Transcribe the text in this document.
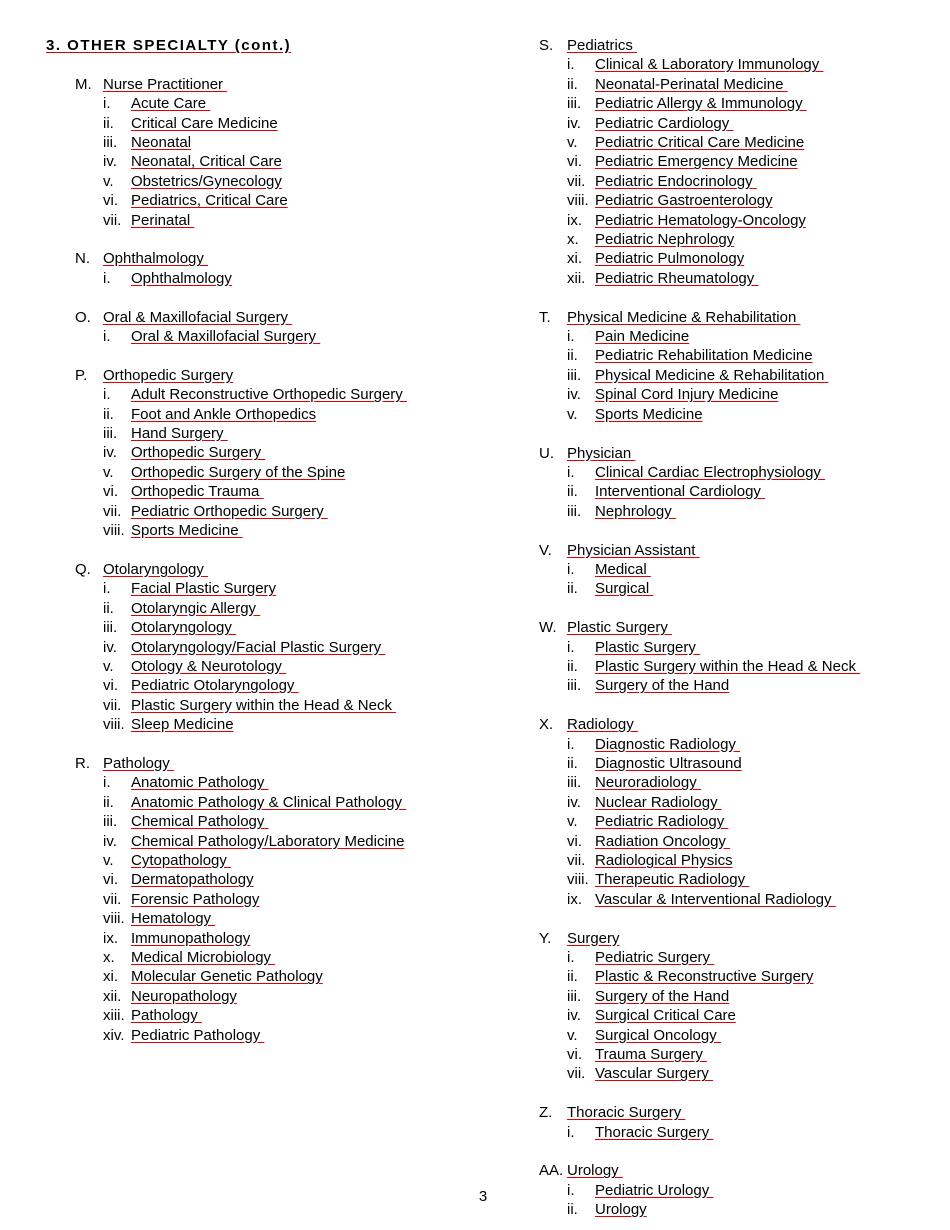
3. OTHER SPECIALTY (cont.)
M. Nurse Practitioner
i.	Acute Care
ii.	Critical Care Medicine
iii. Neonatal
iv. Neonatal, Critical Care
v.	Obstetrics/Gynecology
vi. Pediatrics, Critical Care
vii. Perinatal
N. Ophthalmology
i.	Ophthalmology
O. Oral & Maxillofacial Surgery
i.	Oral & Maxillofacial Surgery
P.	Orthopedic Surgery
i.	Adult Reconstructive Orthopedic Surgery
ii.	Foot and Ankle Orthopedics
iii. Hand Surgery
iv. Orthopedic Surgery
v.	Orthopedic Surgery of the Spine
vi. Orthopedic Trauma
vii. Pediatric Orthopedic Surgery
viii. Sports Medicine
Q. Otolaryngology
i.	Facial Plastic Surgery
ii.	Otolaryngic Allergy
iii. Otolaryngology
iv. Otolaryngology/Facial Plastic Surgery
v.	Otology & Neurotology
vi. Pediatric Otolaryngology
vii. Plastic Surgery within the Head & Neck
viii. Sleep Medicine
R. Pathology
i.	Anatomic Pathology
ii.	Anatomic Pathology & Clinical Pathology
iii. Chemical Pathology
iv. Chemical Pathology/Laboratory Medicine
v.	Cytopathology
vi. Dermatopathology
vii. Forensic Pathology
viii. Hematology
ix. Immunopathology
x.	Medical Microbiology
xi. Molecular Genetic Pathology
xii. Neuropathology
xiii. Pathology
xiv. Pediatric Pathology
S. Pediatrics
i.	Clinical & Laboratory Immunology
ii.	Neonatal-Perinatal Medicine
iii. Pediatric Allergy & Immunology
iv. Pediatric Cardiology
v.	Pediatric Critical Care Medicine
vi. Pediatric Emergency Medicine
vii. Pediatric Endocrinology
viii. Pediatric Gastroenterology
ix. Pediatric Hematology-Oncology
x.	Pediatric Nephrology
xi. Pediatric Pulmonology
xii. Pediatric Rheumatology
T.	Physical Medicine & Rehabilitation
i.	Pain Medicine
ii.	Pediatric Rehabilitation Medicine
iii. Physical Medicine & Rehabilitation
iv. Spinal Cord Injury Medicine
v.	Sports Medicine
U. Physician
i.	Clinical Cardiac Electrophysiology
ii.	Interventional Cardiology
iii. Nephrology
V.	Physician Assistant
i.	Medical
ii.	Surgical
W. Plastic Surgery
i.	Plastic Surgery
ii.	Plastic Surgery within the Head & Neck
iii. Surgery of the Hand
X. Radiology
i.	Diagnostic Radiology
ii.	Diagnostic Ultrasound
iii. Neuroradiology
iv. Nuclear Radiology
v.	Pediatric Radiology
vi. Radiation Oncology
vii. Radiological Physics
viii. Therapeutic Radiology
ix. Vascular & Interventional Radiology
Y.	Surgery
i.	Pediatric Surgery
ii.	Plastic & Reconstructive Surgery
iii. Surgery of the Hand
iv. Surgical Critical Care
v.	Surgical Oncology
vi. Trauma Surgery
vii. Vascular Surgery
Z. Thoracic Surgery
i.	Thoracic Surgery
AA. Urology
i.	Pediatric Urology
ii.	Urology
3
